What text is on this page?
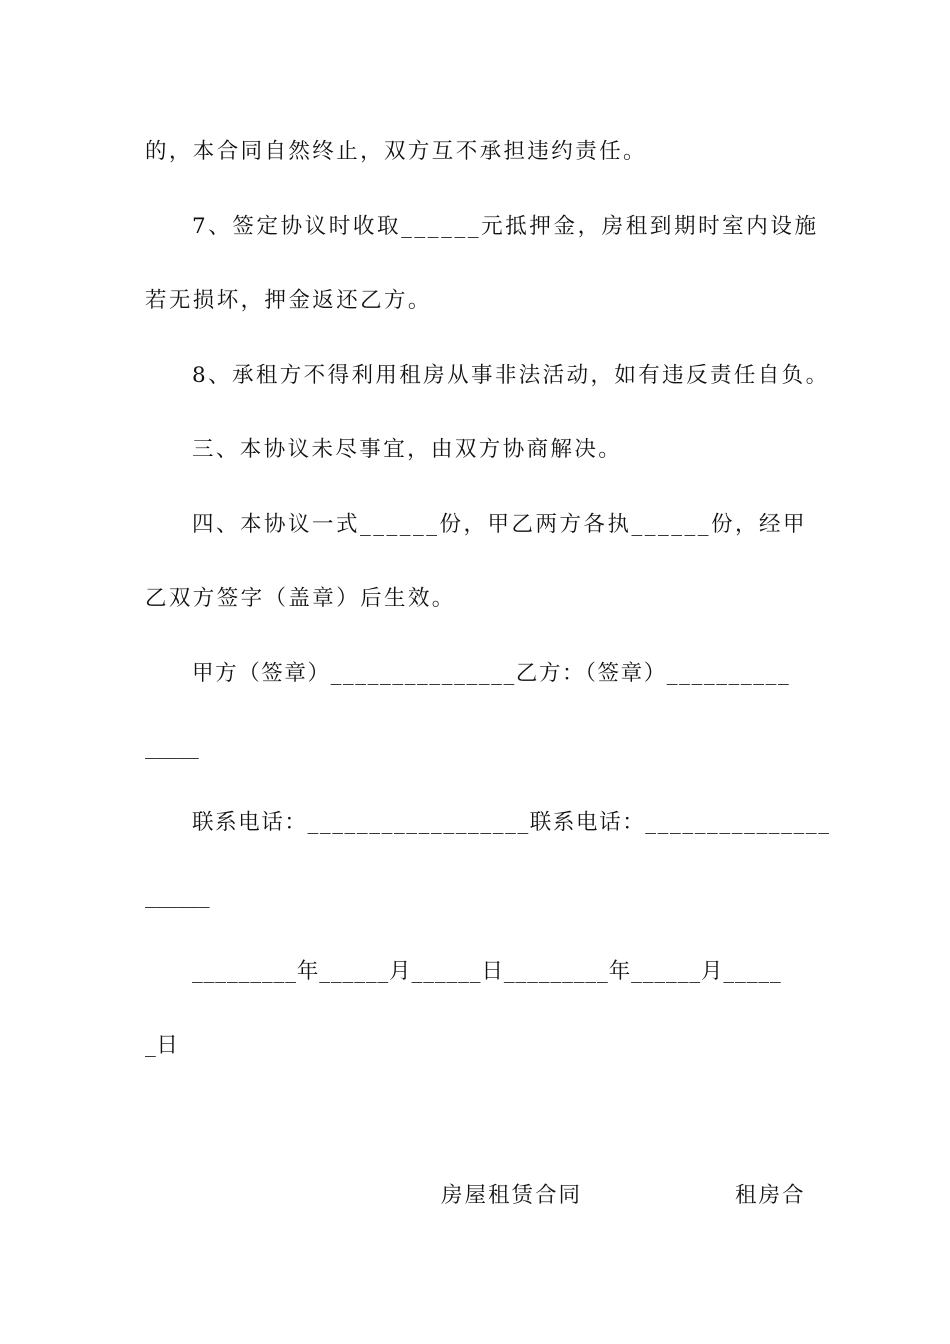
的，本合同自然终止，双方互不承担违约责任。
7、签定协议时收取______元抵押金，房租到期时室内设施
若无损坏，押金返还乙方。
8、承租方不得利用租房从事非法活动，如有违反责任自负。
三、本协议未尽事宜，由双方协商解决。
四、本协议一式______份，甲乙两方各执______份，经甲
乙双方签字（盖章）后生效。
甲方（签章）_______________乙方：（签章）__________
_____
联系电话：__________________联系电话：_______________
______
_________年______月______日_________年______月_____
_日
房屋租赁合同	租房合
